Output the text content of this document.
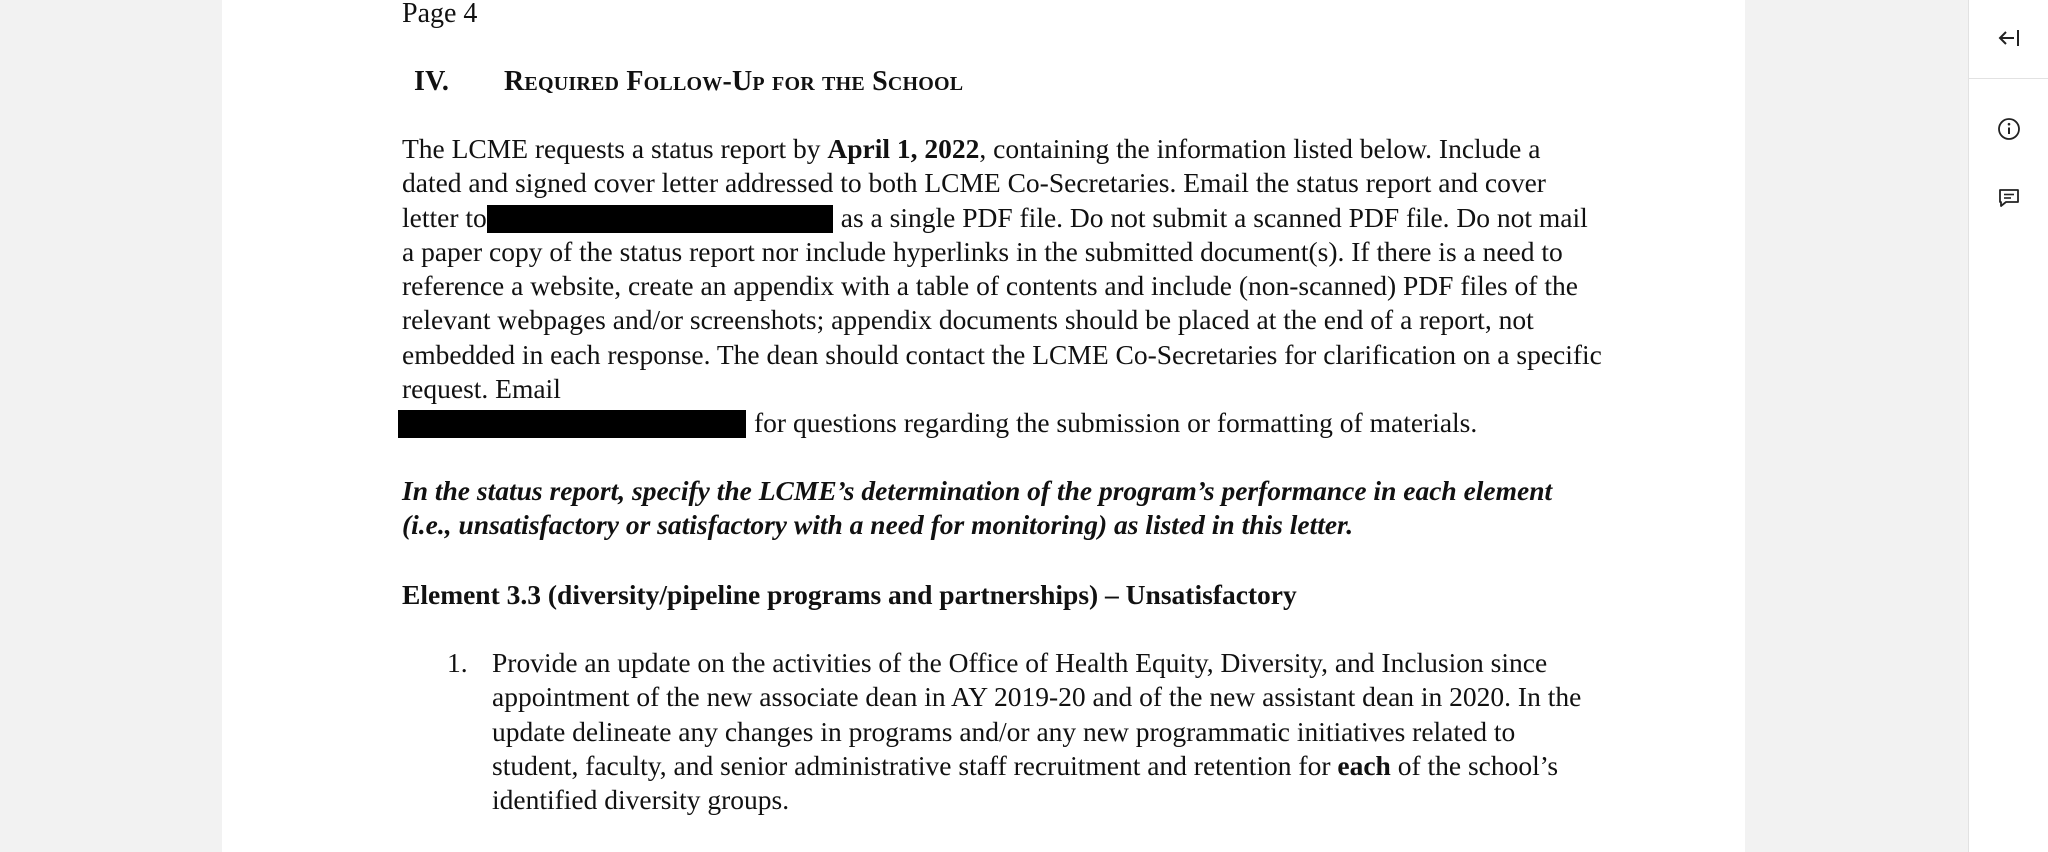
Page 4
IV. Required Follow-Up for the School
The LCME requests a status report by April 1, 2022, containing the information listed below. Include a dated and signed cover letter addressed to both LCME Co-Secretaries. Email the status report and cover letter to	as a single PDF file. Do not submit a scanned PDF file. Do not mail a paper copy of the status report nor include hyperlinks in the submitted document(s). If there is a need to reference a website, create an appendix with a table of contents and include (non-scanned) PDF files of the relevant webpages and/or screenshots; appendix documents should be placed at the end of a report, not embedded in each response. The dean should contact the LCME Co-Secretaries for clarification on a specific request. Email
for questions regarding the submission or formatting of materials.
In the status report, specify the LCME’s determination of the program’s performance in each element (i.e., unsatisfactory or satisfactory with a need for monitoring) as listed in this letter.
Element 3.3 (diversity/pipeline programs and partnerships) – Unsatisfactory
1. Provide an update on the activities of the Office of Health Equity, Diversity, and Inclusion since appointment of the new associate dean in AY 2019-20 and of the new assistant dean in 2020. In the update delineate any changes in programs and/or any new programmatic initiatives related to student, faculty, and senior administrative staff recruitment and retention for each of the school’s identified diversity groups.
